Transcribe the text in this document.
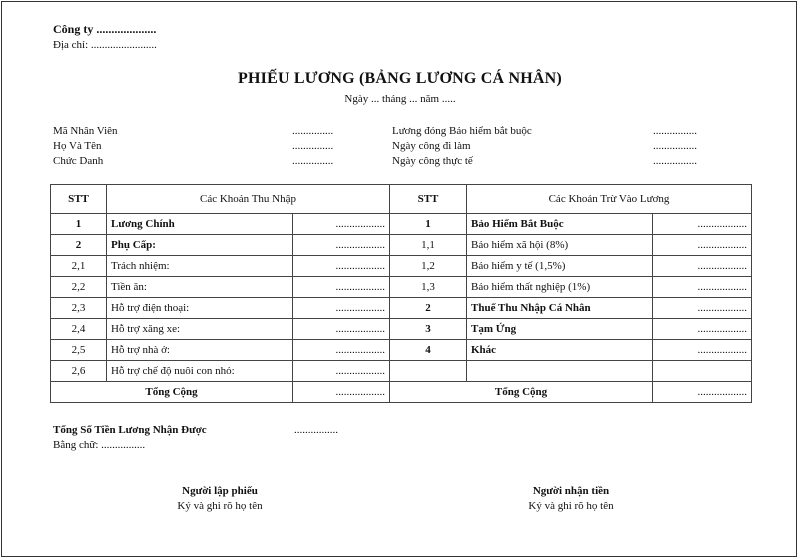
Công ty ....................
Địa chỉ: ........................
PHIẾU LƯƠNG (BẢNG LƯƠNG CÁ NHÂN)
Ngày ... tháng ... năm .....
Mã Nhân Viên	...............
Họ Và Tên	...............
Chức Danh	...............
Lương đóng Bảo hiểm bắt buộc	................
Ngày công đi làm	................
Ngày công thực tế	................
STT	Các Khoản Thu Nhập		STT	Các Khoản Trừ Vào Lương	
1	Lương Chính	..................	1	Bảo Hiểm Bắt Buộc	..................
2	Phụ Cấp:	..................	1,1	Bảo hiểm xã hội (8%)	..................
2,1	Trách nhiệm:	..................	1,2	Bảo hiểm y tế (1,5%)	..................
2,2	Tiền ăn:	..................	1,3	Bảo hiểm thất nghiệp (1%)	..................
2,3	Hỗ trợ điện thoại:	..................	2	Thuế Thu Nhập Cá Nhân	..................
2,4	Hỗ trợ xăng xe:	..................	3	Tạm Ứng	..................
2,5	Hỗ trợ nhà ở:	..................	4	Khác	..................
2,6	Hỗ trợ chế độ nuôi con nhỏ:	..................			
Tổng Cộng		..................	Tổng Cộng		..................
Tổng Số Tiền Lương Nhận Được	................
Bằng chữ: ................
Người lập phiếu
Ký và ghi rõ họ tên
Người nhận tiền
Ký và ghi rõ họ tên
